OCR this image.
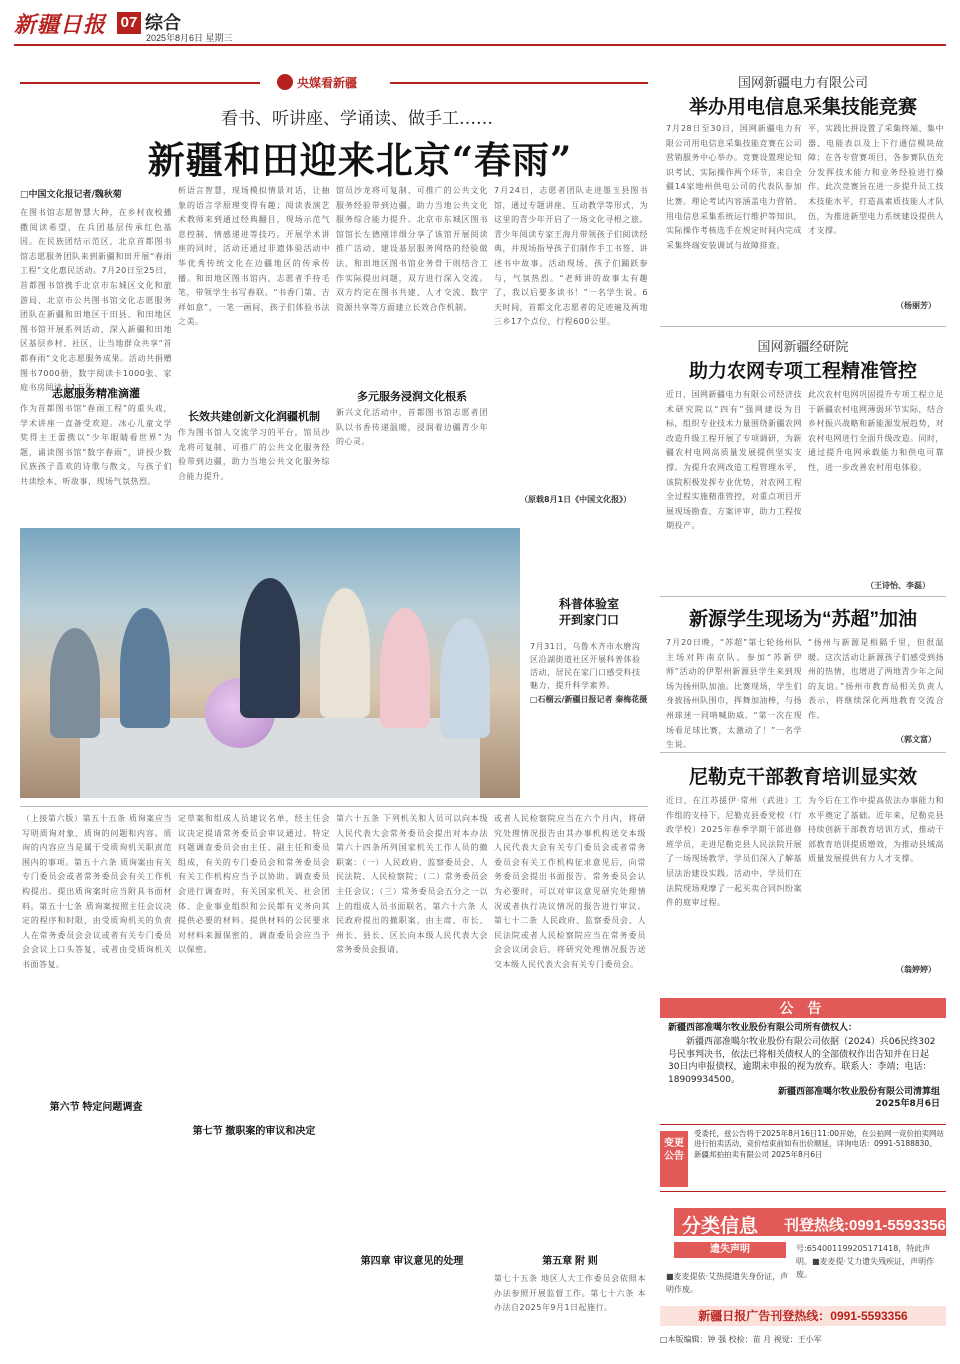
新疆日报 07 综合
2025年8月6日 星期三
央媒看新疆
看书、听讲座、学诵读、做手工……
新疆和田迎来北京“春雨”
□中国文化报记者/魏秋菊
在图书馆志愿智慧大种，在乡村夜校播撒阅读希望，在兵团基层传承红色基因。在民族团结示范区，北京首都图书馆志愿服务团队来到新疆和田开展“春雨工程”文化惠民活动。7月20日至25日，首都图书馆携手北京市东城区文化和旅游局、北京市公共图书馆文化志愿服务团队在新疆和田地区于田县、和田地区图书馆开展系列活动，深入新疆和田地区基层乡村、社区，让当地群众共享“首都春雨”文化志愿服务成果。活动共捐赠图书7000册，数字阅读卡1000张、家庭书房阅读卡1万张。
志愿服务精准滴灌
作为首都图书馆“春雨工程”的重头戏，学术讲座一直备受欢迎。冰心儿童文学奖得主王蕾携以“少年眼睛看世界”为题，诵读图书馆“数字春雨”，讲授少数民族孩子喜欢的诗歌与散文，与孩子们共读绘本、听故事，现场气氛热烈。
析语言智慧，现场模拟情景对话，让抽象的语言学原理变得有趣；阅读表演艺术教师来到通过经典翻目，现场示范气息控制、情感递进等技巧。开展学术讲座的同时，活动还通过非遗体验活动中华优秀传统文化在边疆地区的传承传播。和田地区图书馆内，志愿者手持毛笔，带领学生书写春联。“书香门第、吉祥如意”，一笔一画间，孩子们体验书法之美。
长效共建创新文化润疆机制
作为图书馆人交流学习的平台，馆员沙龙将可复制、可推广的公共文化服务经验带到边疆，助力当地公共文化服务综合能力提升。
馆员沙龙将可复制、可推广的公共文化服务经验带到边疆，助力当地公共文化服务综合能力提升。北京市东城区图书馆馆长左德刚详细分享了该馆开展阅读推广活动、建设基层服务网络的经验做法，和田地区图书馆业务骨干则结合工作实际提出问题，双方进行深入交流。双方约定在图书共建、人才交流、数字资源共享等方面建立长效合作机制。
多元服务浸润文化根系
新兴文化活动中，首都图书馆志愿者团队以书香传递温暖，浸润着边疆青少年的心灵。
7月24日，志愿者团队走进墨玉县图书馆，通过专题讲座、互动教学等形式，为这里的青少年开启了一场文化寻根之旅。青少年阅读专家王海月带领孩子们阅读经典，并现场指导孩子们制作手工书签、讲述书中故事。活动现场，孩子们踊跃参与，气氛热烈。“老师讲的故事太有趣了，我以后要多读书！”一名学生说。6天时间，首都文化志愿者的足迹遍及两地三乡17个点位，行程600公里。
（原载8月1日《中国文化报》）
科普体验室
开到家门口
7月31日，乌鲁木齐市水磨沟区沿湖街道社区开展科普体验活动，居民在家门口感受科技魅力，提升科学素养。
□石榴云/新疆日报记者 秦梅花摄
（上接第六版）第五十五条 质询案应当写明质询对象、质询的问题和内容。质询的内容应当是属于受质询机关职责范围内的事项。第五十六条 质询案由有关专门委员会或者常务委员会有关工作机构提出。提出质询案时应当附具书面材料。第五十七条 质询案按照主任会议决定的程序和时限，由受质询机关的负责人在常务委员会会议或者有关专门委员会会议上口头答复，或者由受质询机关书面答复。
第六节 特定问题调查
定草案和组成人员建议名单，经主任会议决定提请常务委员会审议通过。特定问题调查委员会由主任、副主任和委员组成，有关的专门委员会和常务委员会有关工作机构应当予以协助。调查委员会进行调查时，有关国家机关、社会团体、企业事业组织和公民都有义务向其提供必要的材料。提供材料的公民要求对材料来源保密的，调查委员会应当予以保密。
第七节 撤职案的审议和决定
第六十五条 下列机关和人员可以向本级人民代表大会常务委员会提出对本办法第六十四条所列国家机关工作人员的撤职案：（一）人民政府、监察委员会、人民法院、人民检察院；（二）常务委员会主任会议；（三）常务委员会五分之一以上的组成人员书面联名。第六十六条 人民政府提出的撤职案，由主席、市长、州长、县长、区长向本级人民代表大会常务委员会报请。
第四章 审议意见的处理
或者人民检察院应当在六个月内，将研究处理情况报告由其办事机构送交本级人民代表大会有关专门委员会或者常务委员会有关工作机构征求意见后，向常务委员会提出书面报告。常务委员会认为必要时，可以对审议意见研究处理情况或者执行决议情况的报告进行审议。第七十二条 人民政府、监察委员会、人民法院或者人民检察院应当在常务委员会会议闭会后，将研究处理情况报告送交本级人民代表大会有关专门委员会。
第五章 附 则
第七十五条 地区人大工作委员会依照本办法参照开展监督工作。第七十六条 本办法自2025年9月1日起施行。
国网新疆电力有限公司
举办用电信息采集技能竞赛
7月28日至30日，国网新疆电力有限公司用电信息采集技能竞赛在公司营销服务中心举办。竞赛设置理论知识考试、实际操作两个环节，来自全疆14家地州供电公司的代表队参加比赛。理论考试内容涵盖电力营销、用电信息采集系统运行维护等知识，实际操作考核选手在规定时间内完成采集终端安装调试与故障排查。
平，实践比拼设置了采集终端、集中器、电能表以及上下行通信模块故障；在各专营赛项目，各参赛队伍充分发挥技术能力和业务经验进行操作。此次竞赛旨在进一步提升员工技术技能水平，打造高素质技能人才队伍，为推进新型电力系统建设提供人才支撑。
（杨丽芳）
国网新疆经研院
助力农网专项工程精准管控
近日，国网新疆电力有限公司经济技术研究院以“四有”强网建设为目标，组织专业技术力量围绕新疆农网改造升级工程开展了专项调研，为新疆农村电网高质量发展提供坚实支撑。为提升农网改造工程管理水平，该院积极发挥专业优势，对农网工程全过程实施精准管控，对重点项目开展现场勘查、方案评审，助力工程按期投产。
此次农村电网巩固提升专项工程立足于新疆农村电网薄弱环节实际，结合乡村振兴战略和新能源发展趋势，对农村电网进行全面升级改造。同时，通过提升电网承载能力和供电可靠性，进一步改善农村用电体验。
（王诗怡、李磊）
新源学生现场为“苏超”加油
7月20日晚，“苏超”第七轮扬州队主场对阵南京队，参加“苏新伊师”活动的伊犁州新源县学生来到现场为扬州队加油。比赛现场，学生们身披扬州队围巾，挥舞加油棒，与扬州球迷一同呐喊助威。“第一次在现场看足球比赛，太激动了！”一名学生说。
“扬州与新源是相隔千里，但很温暖。这次活动让新源孩子们感受到扬州的热情，也增进了两地青少年之间的友谊。”扬州市教育局相关负责人表示，将继续深化两地教育交流合作。
（郭文富）
尼勒克干部教育培训显实效
近日，在江苏援伊·常州（武进）工作组的支持下，尼勒克县委党校（行政学校）2025年春季学期干部进修班学员，走进尼勒克县人民法院开展了一场现场教学，学员们深入了解基层法治建设实践。活动中，学员们在法院现场观摩了一起买卖合同纠纷案件的庭审过程。
为今后在工作中提高依法办事能力和水平奠定了基础。近年来，尼勒克县持续创新干部教育培训方式，推动干部教育培训提质增效，为推动县域高质量发展提供有力人才支撑。
（翁婷婷）
公 告
新疆西部准噶尔牧业股份有限公司所有债权人：
新疆西部准噶尔牧业股份有限公司依据（2024）兵06民终302号民事判决书，依法已将相关债权人的全部债权作出告知并在日起30日内申报债权，逾期未申报的视为放弃。联系人：李靖；电话：18909934500。
新疆西部准噶尔牧业股份有限公司清算组
2025年8月6日
变更公告
受委托，兹公告将于2025年8月16日11:00开始，在公拍网一竞价拍卖网站进行拍卖活动，竞价结束前如有出价顺延，详询电话：0991-5188830。新疆邦拍拍卖有限公司 2025年8月6日
分类信息 刊登热线:0991-5593356
遗失声明
■麦麦提依·艾热提遗失身份证，声明作废。
号:654001199205171418，特此声明。■麦麦提·艾力遗失残疾证，声明作废。
新疆日报广告刊登热线：0991-5593356
□本版编辑：钟 强 校检：苗 月 视觉：王小军
